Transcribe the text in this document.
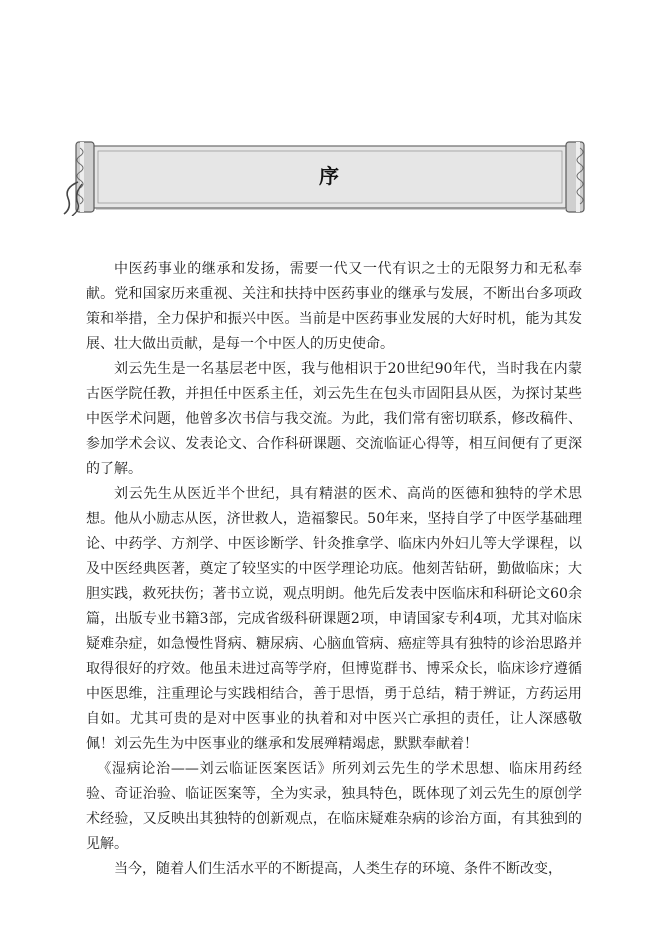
序

中医药事业的继承和发扬，需要一代又一代有识之士的无限努力和无私奉献。党和国家历来重视、关注和扶持中医药事业的继承与发展，不断出台多项政策和举措，全力保护和振兴中医。当前是中医药事业发展的大好时机，能为其发展、壮大做出贡献，是每一个中医人的历史使命。

刘云先生是一名基层老中医，我与他相识于20世纪90年代，当时我在内蒙古医学院任教，并担任中医系主任，刘云先生在包头市固阳县从医，为探讨某些中医学术问题，他曾多次书信与我交流。为此，我们常有密切联系，修改稿件、参加学术会议、发表论文、合作科研课题、交流临证心得等，相互间便有了更深的了解。

刘云先生从医近半个世纪，具有精湛的医术、高尚的医德和独特的学术思想。他从小励志从医，济世救人，造福黎民。50年来，坚持自学了中医学基础理论、中药学、方剂学、中医诊断学、针灸推拿学、临床内外妇儿等大学课程，以及中医经典医著，奠定了较坚实的中医学理论功底。他刻苦钻研，勤做临床；大胆实践，救死扶伤；著书立说，观点明朗。他先后发表中医临床和科研论文60余篇，出版专业书籍3部，完成省级科研课题2项，申请国家专利4项，尤其对临床疑难杂症，如急慢性肾病、糖尿病、心脑血管病、癌症等具有独特的诊治思路并取得很好的疗效。他虽未进过高等学府，但博览群书、博采众长，临床诊疗遵循中医思维，注重理论与实践相结合，善于思悟，勇于总结，精于辨证，方药运用自如。尤其可贵的是对中医事业的执着和对中医兴亡承担的责任，让人深感敬佩！刘云先生为中医事业的继承和发展殚精竭虑，默默奉献着！

《湿病论治——刘云临证医案医话》所列刘云先生的学术思想、临床用药经验、奇证治验、临证医案等，全为实录，独具特色，既体现了刘云先生的原创学术经验，又反映出其独特的创新观点，在临床疑难杂病的诊治方面，有其独到的见解。

当今，随着人们生活水平的不断提高，人类生存的环境、条件不断改变，
